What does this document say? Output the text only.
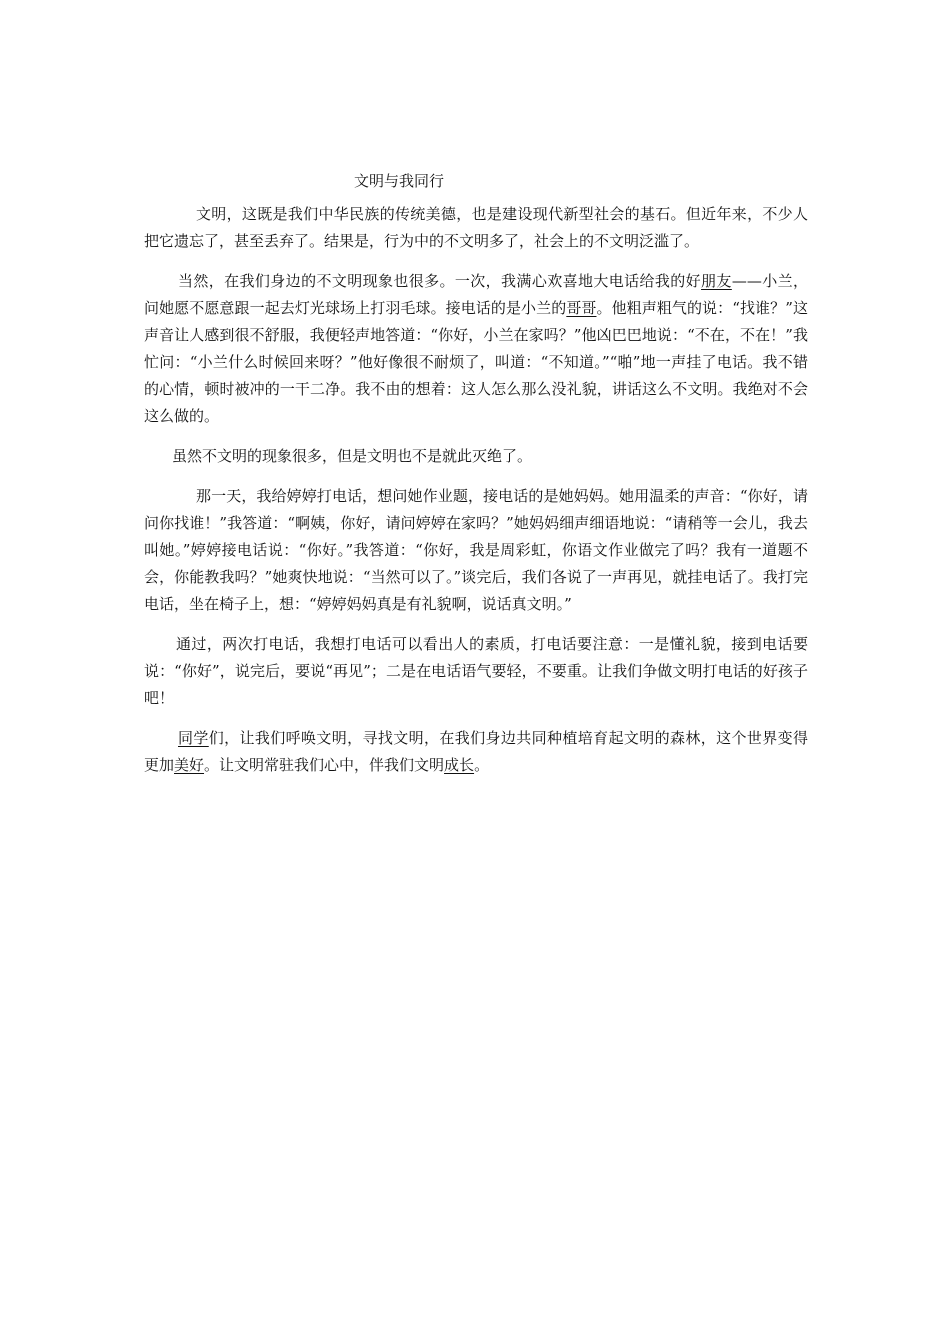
文明与我同行

文明，这既是我们中华民族的传统美德，也是建设现代新型社会的基石。但近年来，不少人把它遗忘了，甚至丢弃了。结果是，行为中的不文明多了，社会上的不文明泛滥了。

当然，在我们身边的不文明现象也很多。一次，我满心欢喜地大电话给我的好朋友——小兰，问她愿不愿意跟一起去灯光球场上打羽毛球。接电话的是小兰的哥哥。他粗声粗气的说：“找谁？”这声音让人感到很不舒服，我便轻声地答道：“你好，小兰在家吗？”他凶巴巴地说：“不在，不在！”我忙问：“小兰什么时候回来呀？”他好像很不耐烦了，叫道：“不知道。”“啪”地一声挂了电话。我不错的心情，顿时被冲的一干二净。我不由的想着：这人怎么那么没礼貌，讲话这么不文明。我绝对不会这么做的。

虽然不文明的现象很多，但是文明也不是就此灭绝了。

那一天，我给婷婷打电话，想问她作业题，接电话的是她妈妈。她用温柔的声音：“你好，请问你找谁！”我答道：“啊姨，你好，请问婷婷在家吗？”她妈妈细声细语地说：“请稍等一会儿，我去叫她。”婷婷接电话说：“你好。”我答道：“你好，我是周彩虹，你语文作业做完了吗？我有一道题不会，你能教我吗？”她爽快地说：“当然可以了。”谈完后，我们各说了一声再见，就挂电话了。我打完电话，坐在椅子上，想：“婷婷妈妈真是有礼貌啊，说话真文明。”

通过，两次打电话，我想打电话可以看出人的素质，打电话要注意：一是懂礼貌，接到电话要说：“你好”，说完后，要说“再见”；二是在电话语气要轻，不要重。让我们争做文明打电话的好孩子吧！

同学们，让我们呼唤文明，寻找文明，在我们身边共同种植培育起文明的森林，这个世界变得更加美好。让文明常驻我们心中，伴我们文明成长。
